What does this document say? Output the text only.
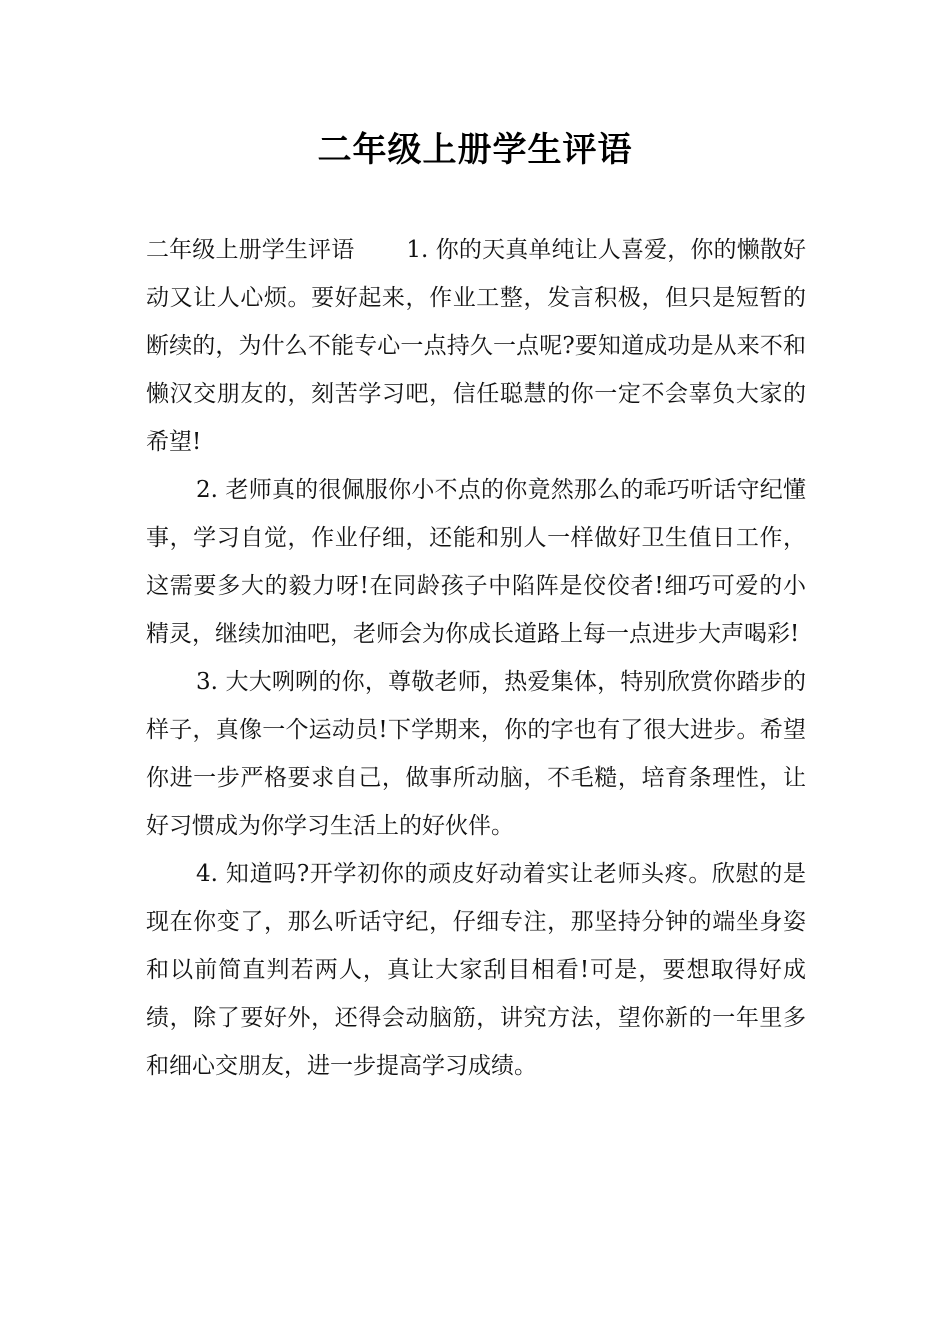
二年级上册学生评语

二年级上册学生评语 1. 你的天真单纯让人喜爱，你的懒散好动又让人心烦。要好起来，作业工整，发言积极，但只是短暂的断续的，为什么不能专心一点持久一点呢?要知道成功是从来不和懒汉交朋友的，刻苦学习吧，信任聪慧的你一定不会辜负大家的希望!

2. 老师真的很佩服你小不点的你竟然那么的乖巧听话守纪懂事，学习自觉，作业仔细，还能和别人一样做好卫生值日工作，这需要多大的毅力呀!在同龄孩子中陷阵是佼佼者!细巧可爱的小精灵，继续加油吧，老师会为你成长道路上每一点进步大声喝彩!

3. 大大咧咧的你，尊敬老师，热爱集体，特别欣赏你踏步的样子，真像一个运动员!下学期来，你的字也有了很大进步。希望你进一步严格要求自己，做事所动脑，不毛糙，培育条理性，让好习惯成为你学习生活上的好伙伴。

4. 知道吗?开学初你的顽皮好动着实让老师头疼。欣慰的是现在你变了，那么听话守纪，仔细专注，那坚持分钟的端坐身姿和以前简直判若两人，真让大家刮目相看!可是，要想取得好成绩，除了要好外，还得会动脑筋，讲究方法，望你新的一年里多和细心交朋友，进一步提高学习成绩。
